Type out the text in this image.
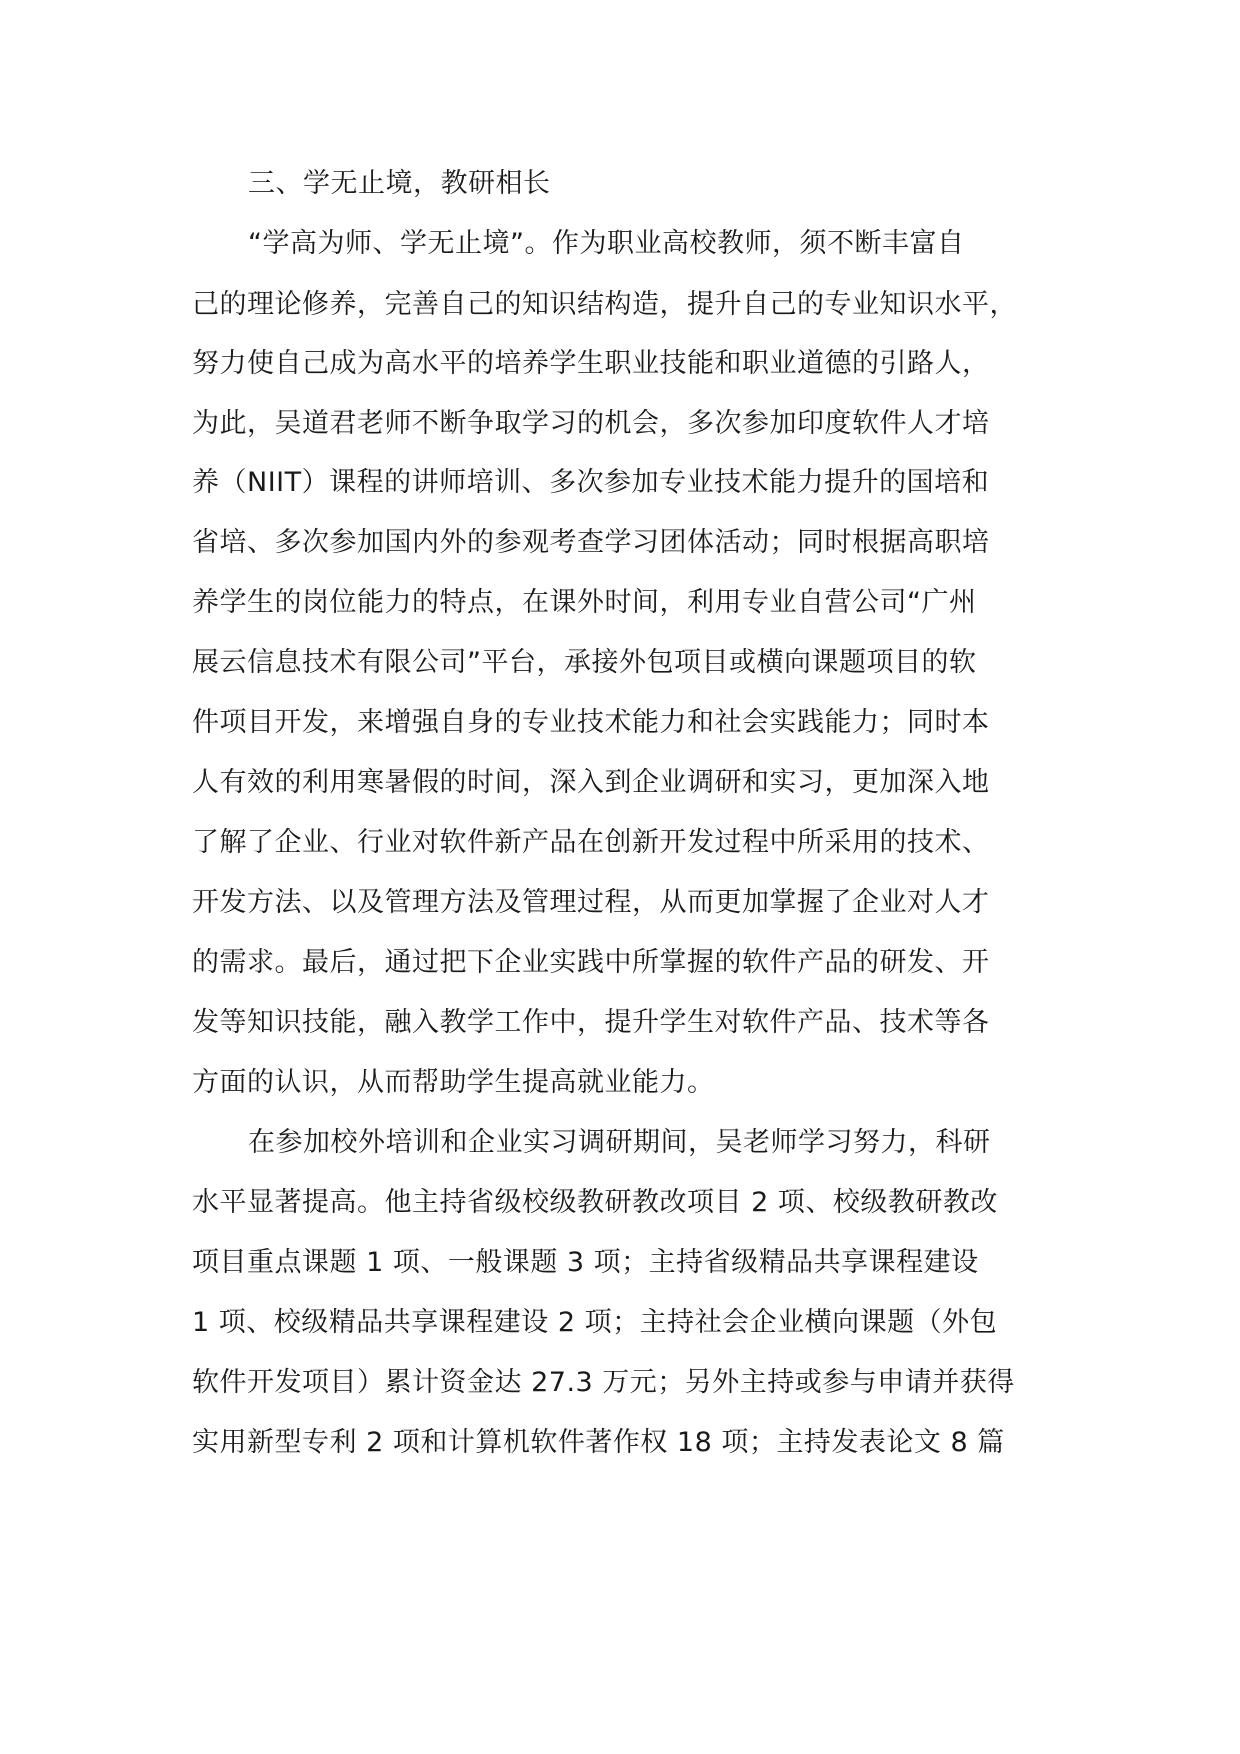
三、学无止境，教研相长
“学高为师、学无止境”。作为职业高校教师，须不断丰富自
己的理论修养，完善自己的知识结构造，提升自己的专业知识水平，
努力使自己成为高水平的培养学生职业技能和职业道德的引路人，
为此，吴道君老师不断争取学习的机会，多次参加印度软件人才培
养（NIIT）课程的讲师培训、多次参加专业技术能力提升的国培和
省培、多次参加国内外的参观考查学习团体活动；同时根据高职培
养学生的岗位能力的特点，在课外时间，利用专业自营公司“广州
展云信息技术有限公司”平台，承接外包项目或横向课题项目的软
件项目开发，来增强自身的专业技术能力和社会实践能力；同时本
人有效的利用寒暑假的时间，深入到企业调研和实习，更加深入地
了解了企业、行业对软件新产品在创新开发过程中所采用的技术、
开发方法、以及管理方法及管理过程，从而更加掌握了企业对人才
的需求。最后，通过把下企业实践中所掌握的软件产品的研发、开
发等知识技能，融入教学工作中，提升学生对软件产品、技术等各
方面的认识，从而帮助学生提高就业能力。
在参加校外培训和企业实习调研期间，吴老师学习努力，科研
水平显著提高。他主持省级校级教研教改项目 2 项、校级教研教改
项目重点课题 1 项、一般课题 3 项；主持省级精品共享课程建设
1 项、校级精品共享课程建设 2 项；主持社会企业横向课题（外包
软件开发项目）累计资金达 27.3 万元；另外主持或参与申请并获得
实用新型专利 2 项和计算机软件著作权 18 项；主持发表论文 8 篇
